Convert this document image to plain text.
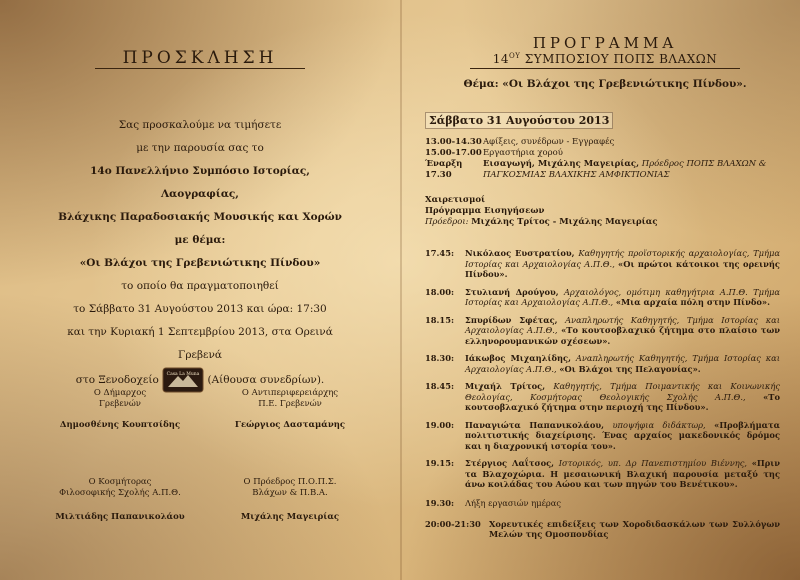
ΠΡΟΣΚΛΗΣΗ
Σας προσκαλούμε να τιμήσετε
με την παρουσία σας το
14ο Πανελλήνιο Συμπόσιο Ιστορίας, Λαογραφίας,
Βλάχικης Παραδοσιακής Μουσικής και Χορών με θέμα:
«Οι Βλάχοι της Γρεβενιώτικης Πίνδου»
το οποίο θα πραγματοποιηθεί
το Σάββατο 31 Αυγούστου 2013 και ώρα: 17:30
και την Κυριακή 1 Σεπτεμβρίου 2013, στα Ορεινά Γρεβενά
στο Ξενοδοχείο Casa La Muna (Αίθουσα συνεδρίων).
Ο Δήμαρχος
Γρεβενών
Δημοσθένης Κουπτσίδης
Ο Αντιπεριφερειάρχης
Π.Ε. Γρεβενών
Γεώργιος Δασταμάνης
Ο Κοσμήτορας
Φιλοσοφικής Σχολής Α.Π.Θ.
Μιλτιάδης Παπανικολάου
Ο Πρόεδρος Π.Ο.Π.Σ.
Βλάχων & Π.Β.Α.
Μιχάλης Μαγειρίας
ΠΡΟΓΡΑΜΜΑ
$14^{O\Upsilon}$ ΣΥΜΠΟΣΙΟΥ ΠΟΠΣ ΒΛΑΧΩΝ
Θέμα: «Οι Βλάχοι της Γρεβενιώτικης Πίνδου».
Σάββατο 31 Αυγούστου 2013
13.00-14.30 Αφίξεις, συνέδρων - Εγγραφές
15.00-17.00 Εργαστήρια χορού
Έναρξη 17.30
Εισαγωγή, Μιχάλης Μαγειρίας, Πρόεδρος ΠΟΠΣ ΒΛΑΧΩΝ & ΠΑΓΚΟΣΜΙΑΣ ΒΛΑΧΙΚΗΣ ΑΜΦΙΚΤΙΟΝΙΑΣ
Χαιρετισμοί
Πρόγραμμα Εισηγήσεων
Πρόεδροι: Μιχάλης Τρίτος - Μιχάλης Μαγειρίας
17.45:	Νικόλαος Ευστρατίου, Καθηγητής προϊστορικής αρχαιολογίας, Τμήμα Ιστορίας και Αρχαιολογίας Α.Π.Θ., «Οι πρώτοι κάτοικοι της ορεινής Πίνδου».
18.00:	Στυλιανή Δρούγου, Αρχαιολόγος, ομότιμη καθηγήτρια Α.Π.Θ. Τμήμα Ιστορίας και Αρχαιολογίας Α.Π.Θ., «Μια αρχαία πόλη στην Πίνδο».
18.15:	Σπυρίδων Σφέτας, Αναπληρωτής Καθηγητής, Τμήμα Ιστορίας και Αρχαιολογίας Α.Π.Θ., «Το κουτσοβλαχικό ζήτημα στο πλαίσιο των ελληνορουμανικών σχέσεων».
18.30:	Ιάκωβος Μιχαηλίδης, Αναπληρωτής Καθηγητής, Τμήμα Ιστορίας και Αρχαιολογίας Α.Π.Θ., «Οι Βλάχοι της Πελαγονίας».
18.45:	Μιχαήλ Τρίτος, Καθηγητής, Τμήμα Ποιμαντικής και Κοινωνικής Θεολογίας, Κοσμήτορας Θεολογικής Σχολής Α.Π.Θ., «Το κουτσοβλαχικό ζήτημα στην περιοχή της Πίνδου».
19.00:	Παναγιώτα Παπανικολάου, υποψήφια διδάκτωρ, «Προβλήματα πολιτιστικής διαχείρισης. Ένας αρχαίος μακεδονικός δρόμος και η διαχρονική ιστορία του».
19.15:	Στέργιος Λαΐτσος, Ιστορικός, υπ. Δρ Πανεπιστημίου Βιέννης, «Πριν τα Βλαχοχώρια. Η μεσαιωνική Βλαχική παρουσία μεταξύ της άνω κοιλάδας του Αώου και των πηγών του Βενέτικου».
19.30:	Λήξη εργασιών ημέρας
20:00-21:30 Χορευτικές επιδείξεις των Χοροδιδασκάλων των Συλλόγων Μελών της Ομοσπονδίας
